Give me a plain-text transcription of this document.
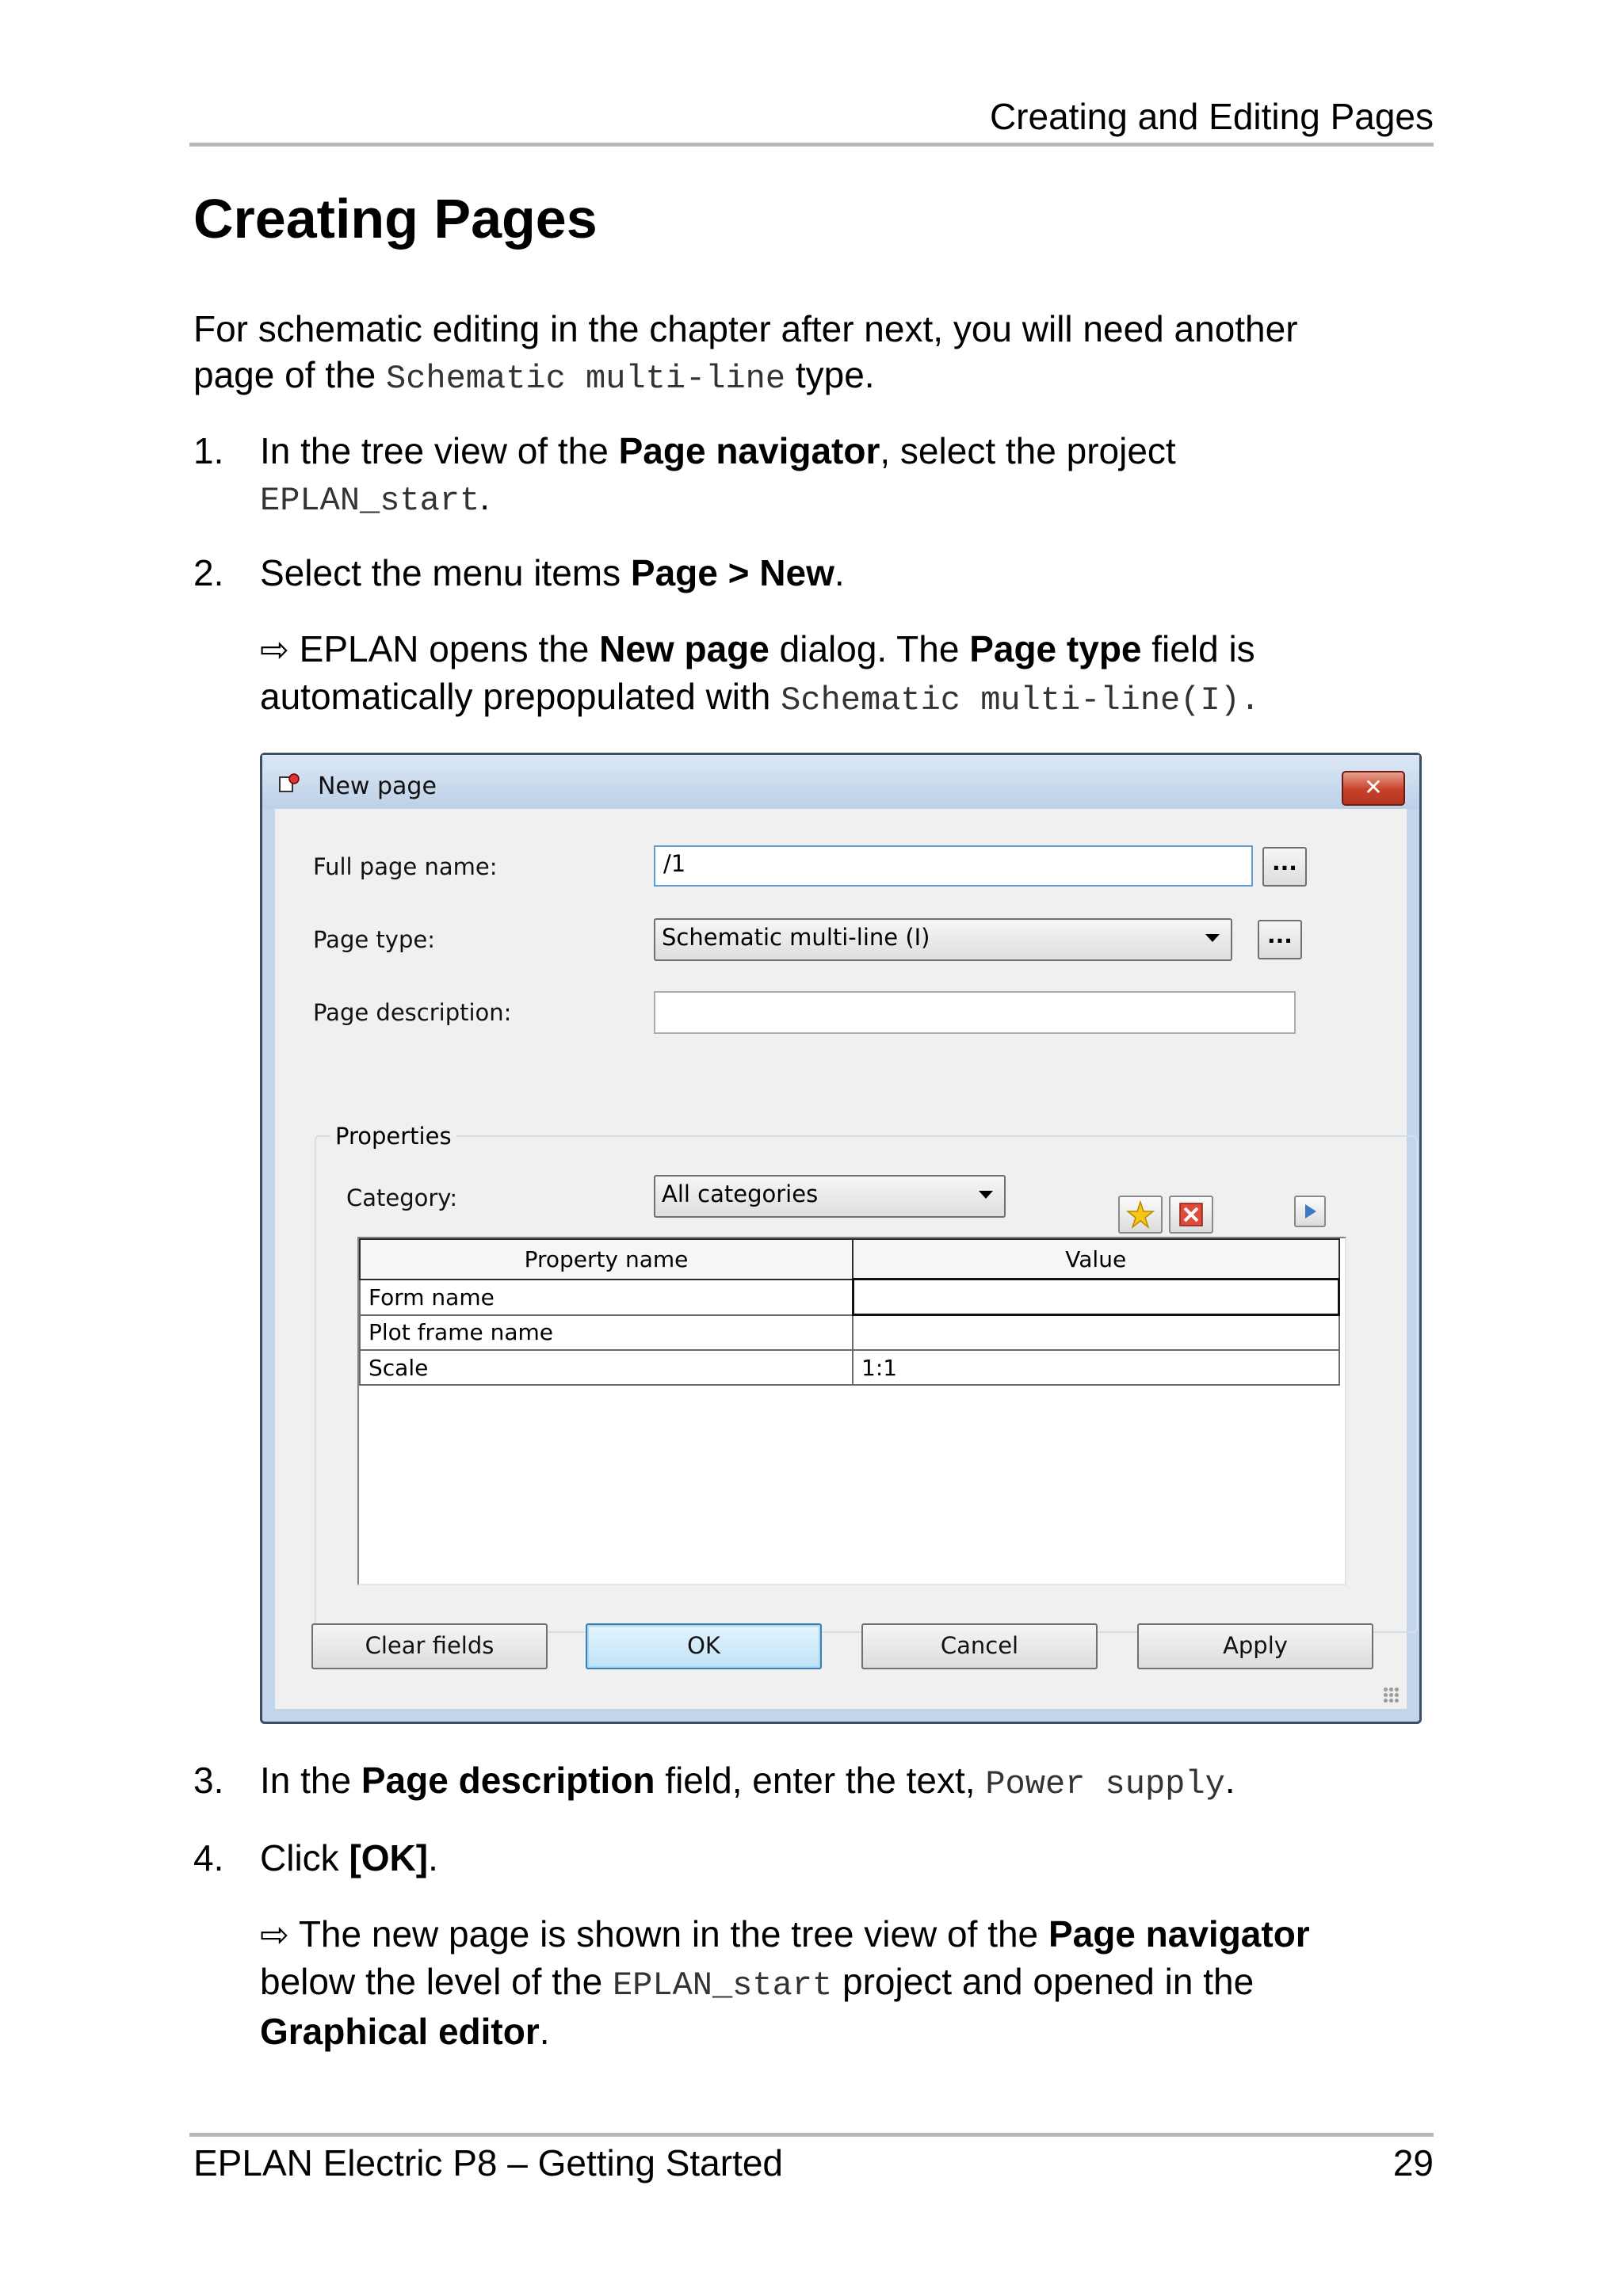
Creating and Editing Pages
Creating Pages
For schematic editing in the chapter after next, you will need another
page of the Schematic multi-line type.
1. In the tree view of the Page navigator, select the project
EPLAN_start.
2. Select the menu items Page > New.
⇨ EPLAN opens the New page dialog. The Page type field is
automatically prepopulated with Schematic multi-line(I).
New page	✕
Full page name:	/1	...
Page type:	Schematic multi-line (I)	...
Page description:
Properties
Category:	All categories
Property name	Value
Form name	
Plot frame name	
Scale	1:1
Clear fields	OK	Cancel	Apply
3. In the Page description field, enter the text, Power supply.
4. Click [OK].
⇨ The new page is shown in the tree view of the Page navigator
below the level of the EPLAN_start project and opened in the
Graphical editor.
EPLAN Electric P8 – Getting Started	29
